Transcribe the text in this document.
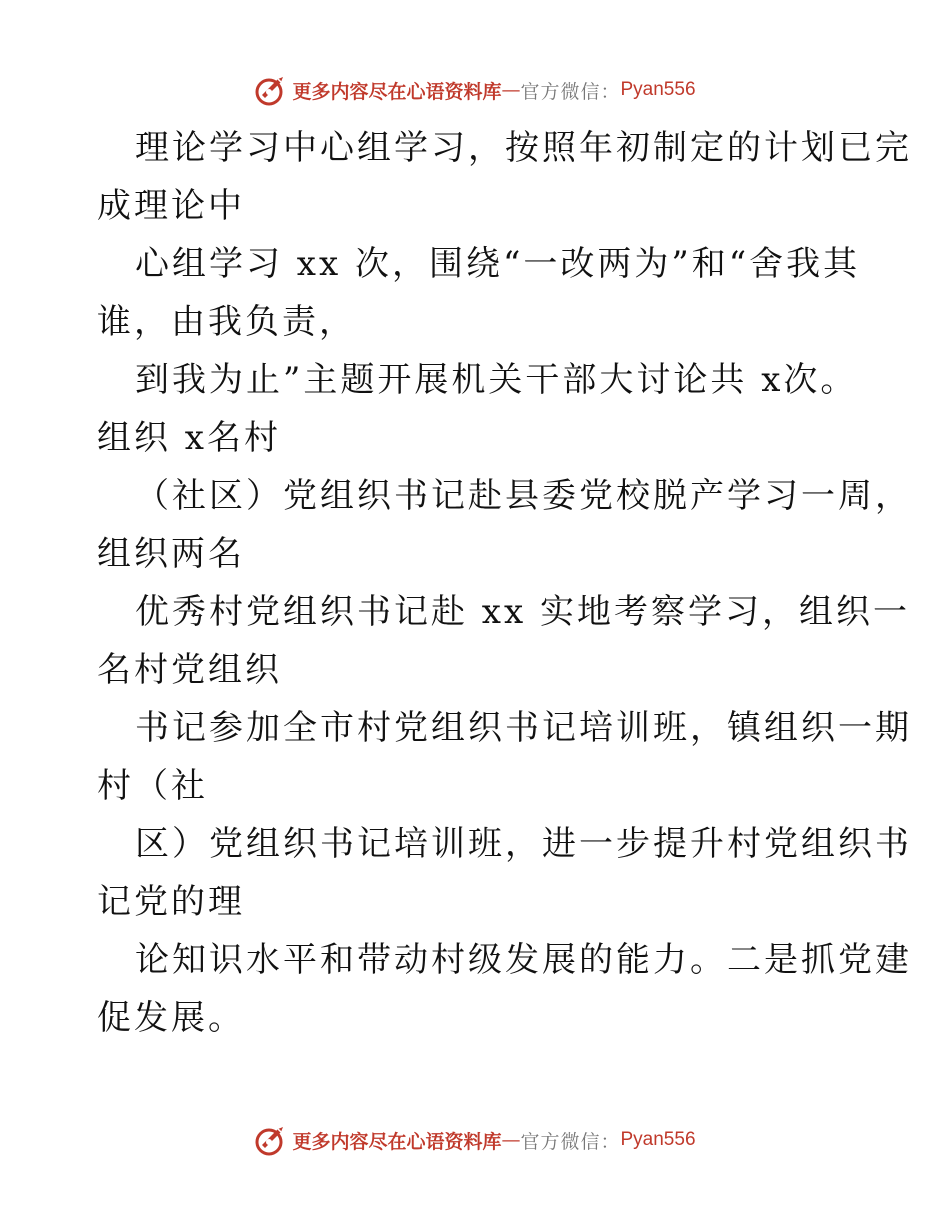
更多内容尽在心语资料库 — 官方微信： Pyan556
理论学习中心组学习，按照年初制定的计划已完
成理论中
心组学习 xx 次，围绕“一改两为”和“舍我其
谁，由我负责，
到我为止”主题开展机关干部大讨论共 x次。
组织 x名村
（社区）党组织书记赴县委党校脱产学习一周，
组织两名
优秀村党组织书记赴 xx 实地考察学习，组织一
名村党组织
书记参加全市村党组织书记培训班，镇组织一期
村（社
区）党组织书记培训班，进一步提升村党组织书
记党的理
论知识水平和带动村级发展的能力。二是抓党建
促发展。
更多内容尽在心语资料库 — 官方微信： Pyan556
